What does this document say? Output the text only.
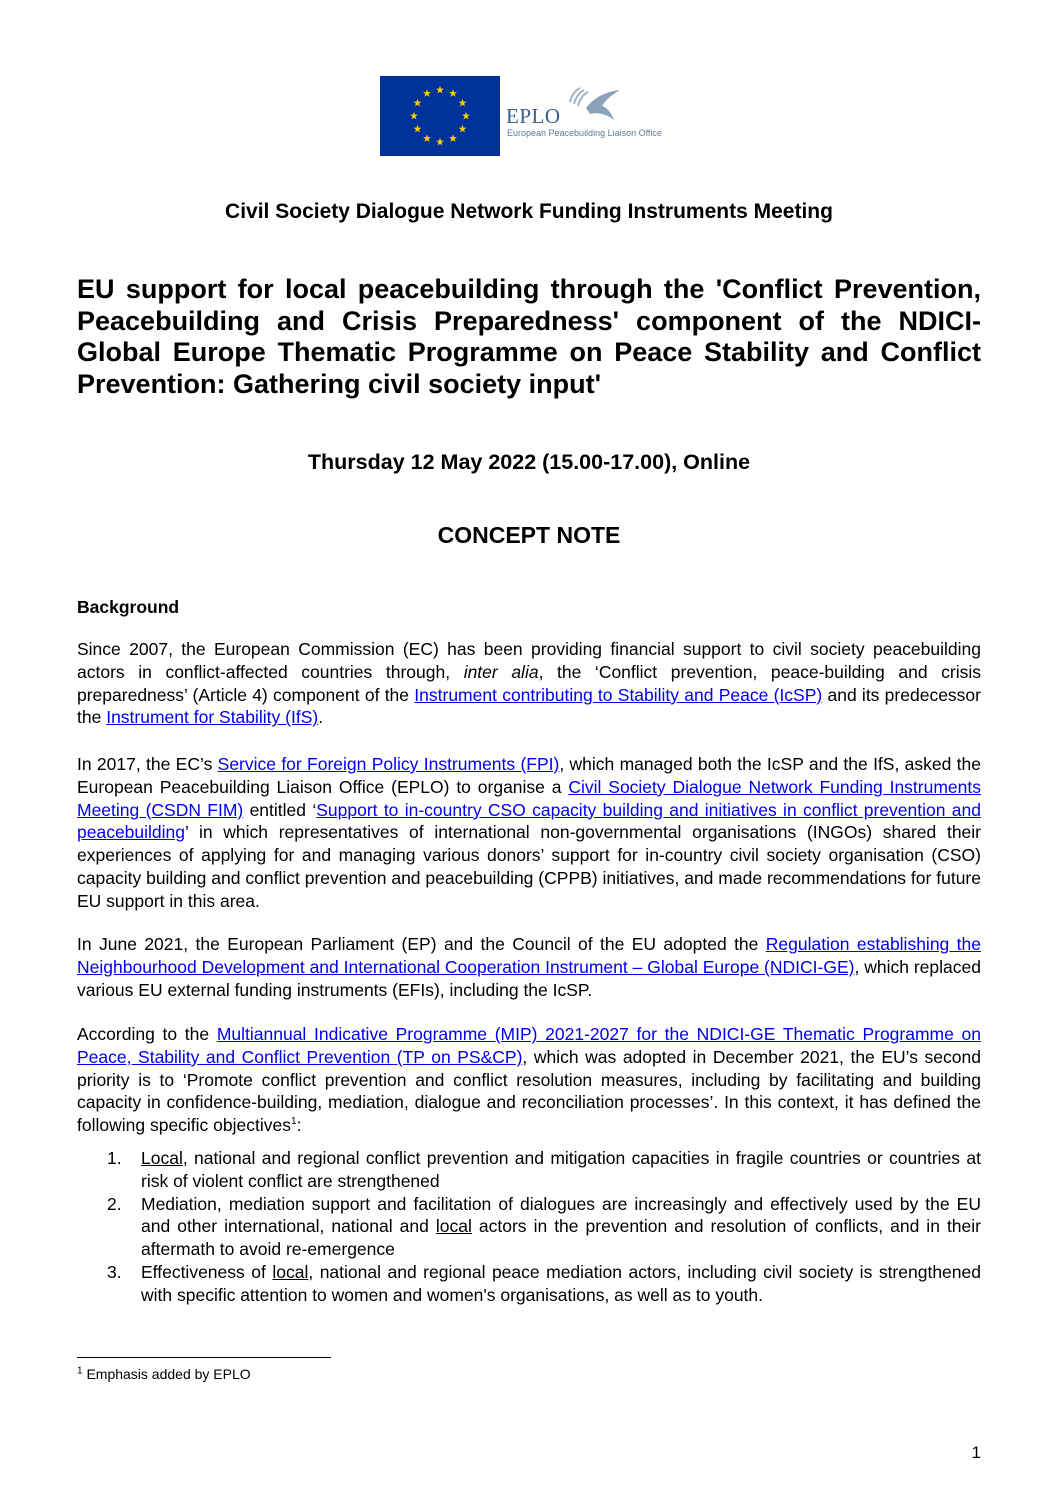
EPLO
European Peacebuilding Liaison Office
Civil Society Dialogue Network Funding Instruments Meeting
EU support for local peacebuilding through the 'Conflict Prevention, Peacebuilding and Crisis Preparedness' component of the NDICI-Global Europe Thematic Programme on Peace Stability and Conflict Prevention: Gathering civil society input'
Thursday 12 May 2022 (15.00-17.00), Online
CONCEPT NOTE
Background

Since 2007, the European Commission (EC) has been providing financial support to civil society peacebuilding actors in conflict-affected countries through, inter alia, the ‘Conflict prevention, peace-building and crisis preparedness’ (Article 4) component of the Instrument contributing to Stability and Peace (IcSP) and its predecessor the Instrument for Stability (IfS).

In 2017, the EC’s Service for Foreign Policy Instruments (FPI), which managed both the IcSP and the IfS, asked the European Peacebuilding Liaison Office (EPLO) to organise a Civil Society Dialogue Network Funding Instruments Meeting (CSDN FIM) entitled ‘Support to in-country CSO capacity building and initiatives in conflict prevention and peacebuilding’ in which representatives of international non-governmental organisations (INGOs) shared their experiences of applying for and managing various donors’ support for in-country civil society organisation (CSO) capacity building and conflict prevention and peacebuilding (CPPB) initiatives, and made recommendations for future EU support in this area.

In June 2021, the European Parliament (EP) and the Council of the EU adopted the Regulation establishing the Neighbourhood Development and International Cooperation Instrument – Global Europe (NDICI-GE), which replaced various EU external funding instruments (EFIs), including the IcSP.

According to the Multiannual Indicative Programme (MIP) 2021-2027 for the NDICI-GE Thematic Programme on Peace, Stability and Conflict Prevention (TP on PS&CP), which was adopted in December 2021, the EU’s second priority is to ‘Promote conflict prevention and conflict resolution measures, including by facilitating and building capacity in confidence-building, mediation, dialogue and reconciliation processes’. In this context, it has defined the following specific objectives$^1$:

1. Local, national and regional conflict prevention and mitigation capacities in fragile countries or countries at risk of violent conflict are strengthened
2. Mediation, mediation support and facilitation of dialogues are increasingly and effectively used by the EU and other international, national and local actors in the prevention and resolution of conflicts, and in their aftermath to avoid re-emergence
3. Effectiveness of local, national and regional peace mediation actors, including civil society is strengthened with specific attention to women and women's organisations, as well as to youth.
$^1$ Emphasis added by EPLO
1
